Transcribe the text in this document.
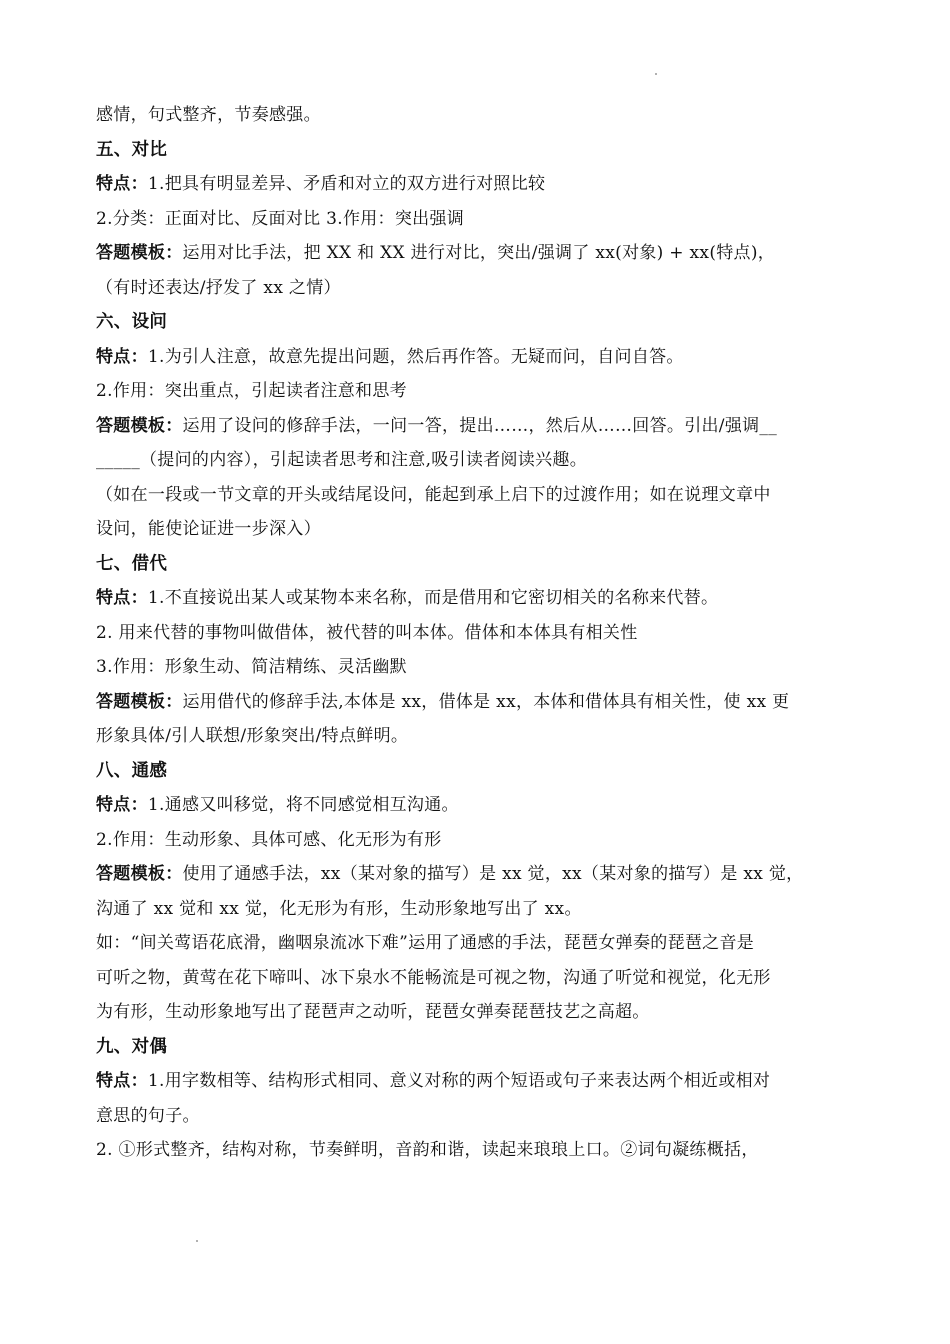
感情，句式整齐，节奏感强。
五、对比
特点：1.把具有明显差异、矛盾和对立的双方进行对照比较
2.分类：正面对比、反面对比 3.作用：突出强调
答题模板：运用对比手法，把 XX 和 XX 进行对比，突出/强调了 xx(对象) + xx(特点)，
（有时还表达/抒发了 xx 之情）
六、设问
特点：1.为引人注意，故意先提出问题，然后再作答。无疑而问，自问自答。
2.作用：突出重点，引起读者注意和思考
答题模板：运用了设问的修辞手法，一问一答，提出……，然后从……回答。引出/强调__
_____（提问的内容），引起读者思考和注意,吸引读者阅读兴趣。
（如在一段或一节文章的开头或结尾设问，能起到承上启下的过渡作用；如在说理文章中
设问，能使论证进一步深入）
七、借代
特点：1.不直接说出某人或某物本来名称，而是借用和它密切相关的名称来代替。
2. 用来代替的事物叫做借体，被代替的叫本体。借体和本体具有相关性
3.作用：形象生动、简洁精练、灵活幽默
答题模板：运用借代的修辞手法,本体是 xx，借体是 xx，本体和借体具有相关性，使 xx 更
形象具体/引人联想/形象突出/特点鲜明。
八、通感
特点：1.通感又叫移觉，将不同感觉相互沟通。
2.作用：生动形象、具体可感、化无形为有形
答题模板：使用了通感手法，xx（某对象的描写）是 xx 觉，xx（某对象的描写）是 xx 觉，
沟通了 xx 觉和 xx 觉，化无形为有形，生动形象地写出了 xx。
如：“间关莺语花底滑，幽咽泉流冰下难”运用了通感的手法，琵琶女弹奏的琵琶之音是
可听之物，黄莺在花下啼叫、冰下泉水不能畅流是可视之物，沟通了听觉和视觉，化无形
为有形，生动形象地写出了琵琶声之动听，琵琶女弹奏琵琶技艺之高超。
九、对偶
特点：1.用字数相等、结构形式相同、意义对称的两个短语或句子来表达两个相近或相对
意思的句子。
2. ①形式整齐，结构对称，节奏鲜明，音韵和谐，读起来琅琅上口。②词句凝练概括，
